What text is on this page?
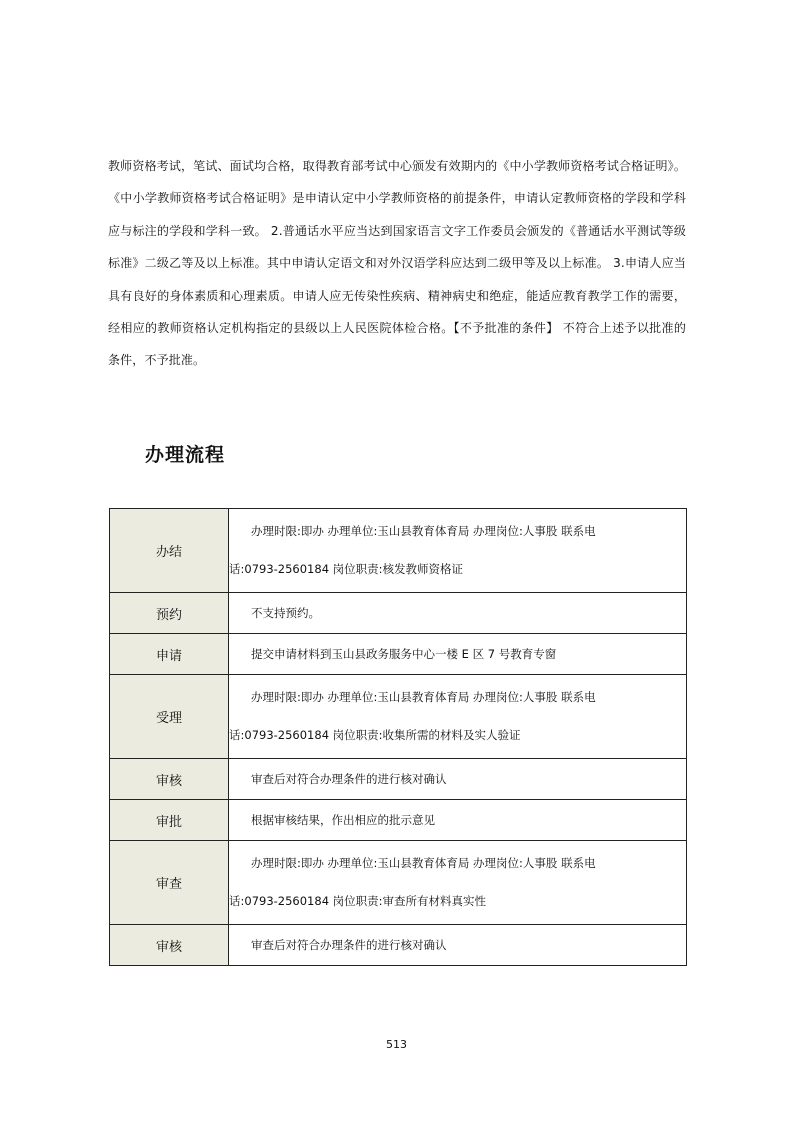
教师资格考试，笔试、面试均合格，取得教育部考试中心颁发有效期内的《中小学教师资格考试合格证明》。《中小学教师资格考试合格证明》是申请认定中小学教师资格的前提条件，申请认定教师资格的学段和学科应与标注的学段和学科一致。 2.普通话水平应当达到国家语言文字工作委员会颁发的《普通话水平测试等级标准》二级乙等及以上标准。其中申请认定语文和对外汉语学科应达到二级甲等及以上标准。 3.申请人应当具有良好的身体素质和心理素质。申请人应无传染性疾病、精神病史和绝症，能适应教育教学工作的需要，经相应的教师资格认定机构指定的县级以上人民医院体检合格。【不予批准的条件】 不符合上述予以批准的条件，不予批准。

办理流程
办结	办理时限:即办 办理单位:玉山县教育体育局 办理岗位:人事股 联系电
话:0793-2560184 岗位职责:核发教师资格证

预约	不支持预约。

申请	提交申请材料到玉山县政务服务中心一楼 E 区 7 号教育专窗

受理	办理时限:即办 办理单位:玉山县教育体育局 办理岗位:人事股 联系电
话:0793-2560184 岗位职责:收集所需的材料及实人验证

审核	审查后对符合办理条件的进行核对确认

审批	根据审核结果，作出相应的批示意见

审查	办理时限:即办 办理单位:玉山县教育体育局 办理岗位:人事股 联系电
话:0793-2560184 岗位职责:审查所有材料真实性

审核	审查后对符合办理条件的进行核对确认
513
